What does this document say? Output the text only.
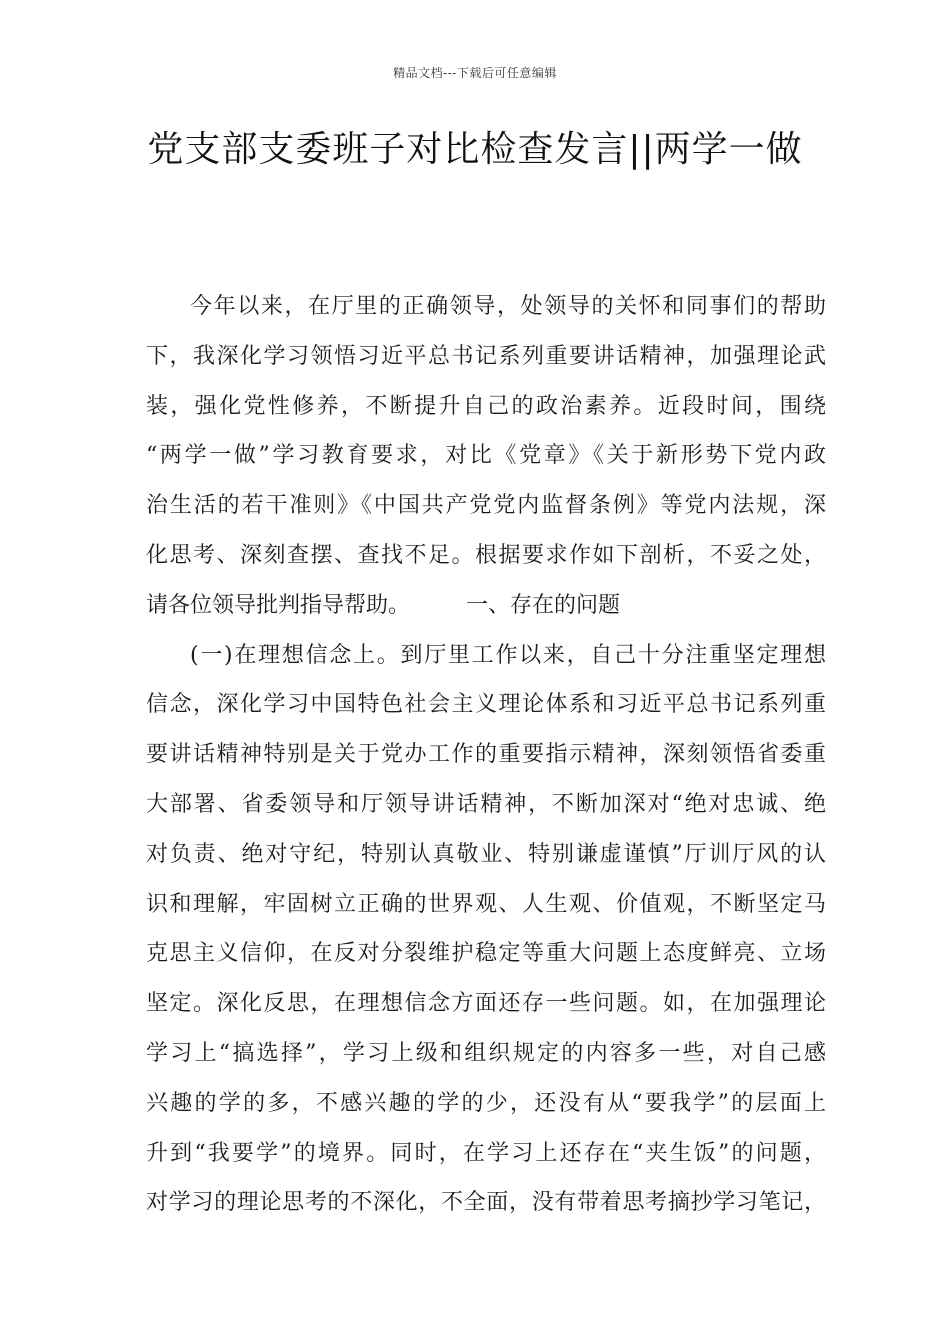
精品文档---下载后可任意编辑
党支部支委班子对比检查发言||两学一做
今年以来，在厅里的正确领导，处领导的关怀和同事们的帮助
下，我深化学习领悟习近平总书记系列重要讲话精神，加强理论武
装，强化党性修养，不断提升自己的政治素养。近段时间，围绕
“两学一做”学习教育要求，对比《党章》《关于新形势下党内政
治生活的若干准则》《中国共产党党内监督条例》等党内法规，深
化思考、深刻查摆、查找不足。根据要求作如下剖析，不妥之处，
请各位领导批判指导帮助。	一、存在的问题
(一)在理想信念上。到厅里工作以来，自己十分注重坚定理想
信念，深化学习中国特色社会主义理论体系和习近平总书记系列重
要讲话精神特别是关于党办工作的重要指示精神，深刻领悟省委重
大部署、省委领导和厅领导讲话精神，不断加深对“绝对忠诚、绝
对负责、绝对守纪，特别认真敬业、特别谦虚谨慎”厅训厅风的认
识和理解，牢固树立正确的世界观、人生观、价值观，不断坚定马
克思主义信仰，在反对分裂维护稳定等重大问题上态度鲜亮、立场
坚定。深化反思，在理想信念方面还存一些问题。如，在加强理论
学习上“搞选择”，学习上级和组织规定的内容多一些，对自己感
兴趣的学的多，不感兴趣的学的少，还没有从“要我学”的层面上
升到“我要学”的境界。同时，在学习上还存在“夹生饭”的问题，
对学习的理论思考的不深化，不全面，没有带着思考摘抄学习笔记，
